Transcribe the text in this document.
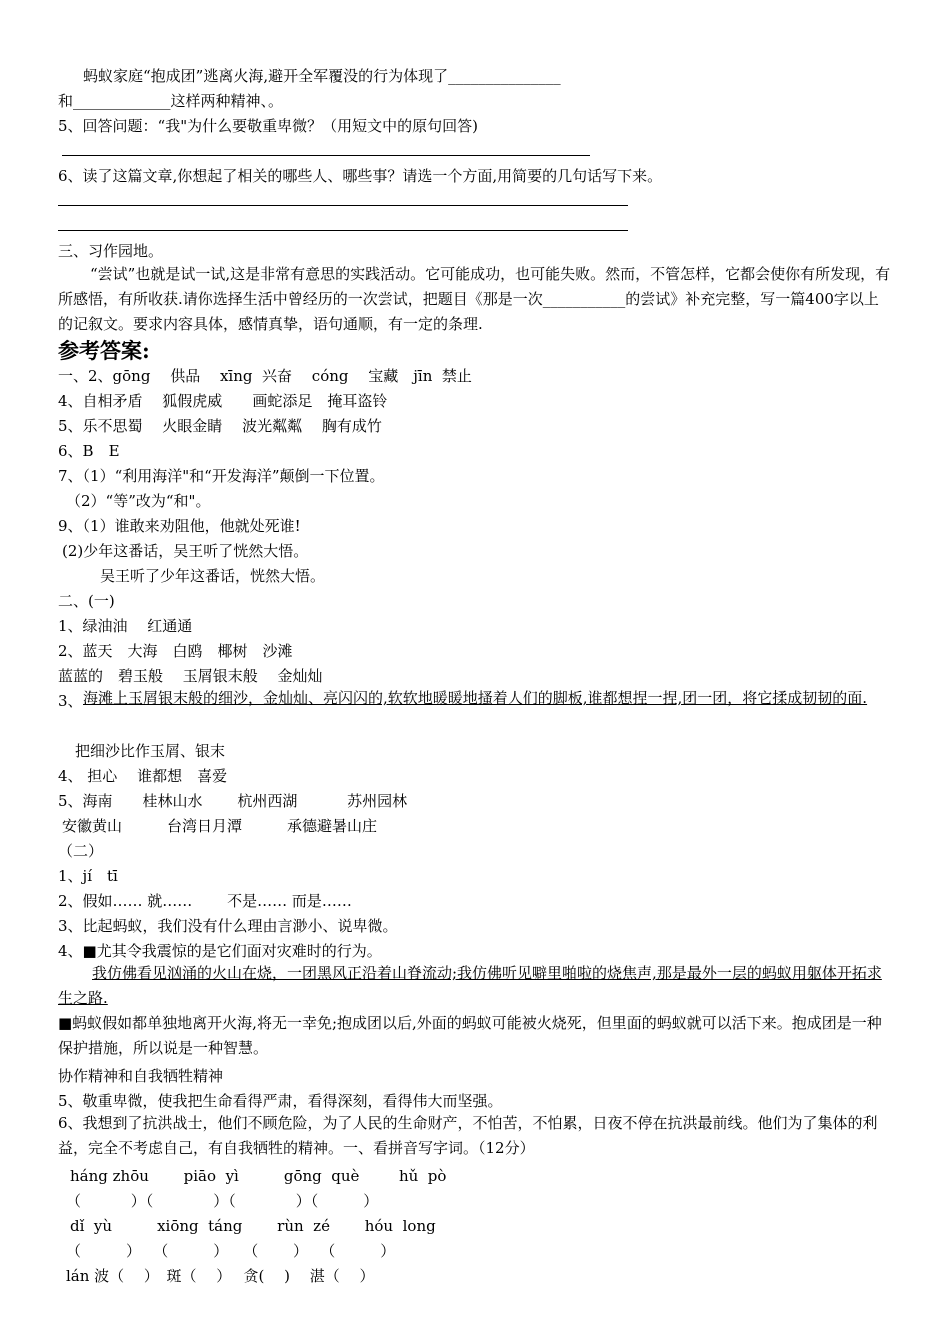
蚂蚁家庭“抱成团”逃离火海,避开全军覆没的行为体现了_______________
和_____________这样两种精神、。
5、回答问题：“我"为什么要敬重卑微？（用短文中的原句回答)
6、读了这篇文章,你想起了相关的哪些人、哪些事？请选一个方面,用简要的几句话写下来。
三、习作园地。
“尝试”也就是试一试,这是非常有意思的实践活动。它可能成功，也可能失败。然而，不管怎样，它都会使你有所发现，有所感悟，有所收获.请你选择生活中曾经历的一次尝试，把题目《那是一次___________的尝试》补充完整，写一篇400字以上的记叙文。要求内容具体，感情真挚，语句通顺，有一定的条理.
参考答案:
一、2、gōng　 供品　 xīng  兴奋　 cóng　 宝藏　jīn  禁止
4、自相矛盾　 狐假虎威　　画蛇添足　掩耳盗铃
5、乐不思蜀　 火眼金睛　 波光粼粼　 胸有成竹
6、B　E
7、（1）“利用海洋"和“开发海洋”颠倒一下位置。
（2）“等”改为“和"。
9、（1）谁敢来劝阻他，他就处死谁!
(2)少年这番话，吴王听了恍然大悟。
吴王听了少年这番话，恍然大悟。
二、(一)
1、绿油油　 红通通
2、蓝天　大海　白鸥　椰树　沙滩
蓝蓝的　碧玉般　 玉屑银末般　 金灿灿
3、 海滩上玉屑银末般的细沙，金灿灿、亮闪闪的,软软地暖暖地搔着人们的脚板,谁都想捏一捏,团一团，将它揉成韧韧的面.
把细沙比作玉屑、银末
4、 担心　 谁都想　喜爱
5、海南　　桂林山水　　 杭州西湖　　　 苏州园林
安徽黄山　　　台湾日月潭　　　承德避暑山庄
（二）
1、jí　tī
2、假如…… 就……　　 不是…… 而是……
3、比起蚂蚁，我们没有什么理由言渺小、说卑微。
4、■尤其令我震惊的是它们面对灾难时的行为。
我仿佛看见汹涌的火山在烧，一团黑风正沿着山脊流动;我仿佛听见噼里啪啦的烧焦声,那是最外一层的蚂蚁用躯体开拓求生之路.
■蚂蚁假如都单独地离开火海,将无一幸免;抱成团以后,外面的蚂蚁可能被火烧死，但里面的蚂蚁就可以活下来。抱成团是一种保护措施，所以说是一种智慧。
协作精神和自我牺牲精神
5、敬重卑微，使我把生命看得严肃，看得深刻，看得伟大而坚强。
6、我想到了抗洪战士，他们不顾危险，为了人民的生命财产，不怕苦，不怕累，日夜不停在抗洪最前线。他们为了集体的利益，完全不考虑自己，有自我牺牲的精神。一、看拼音写字词。（12分）
háng zhōu　　 piāo  yì　　　gōng  què　　  hǔ  pò
（　　　 ）（　　　　）（　　　　）（　　　）
dǐ  yù　　　xiōng  táng　　 rùn  zé　　 hóu  long
（　　　）　 （　　　）　　（　　 ）　 （　　　）
lán 波（　 ）　斑（　 ）　 贪(　 )　 湛（　 ）
